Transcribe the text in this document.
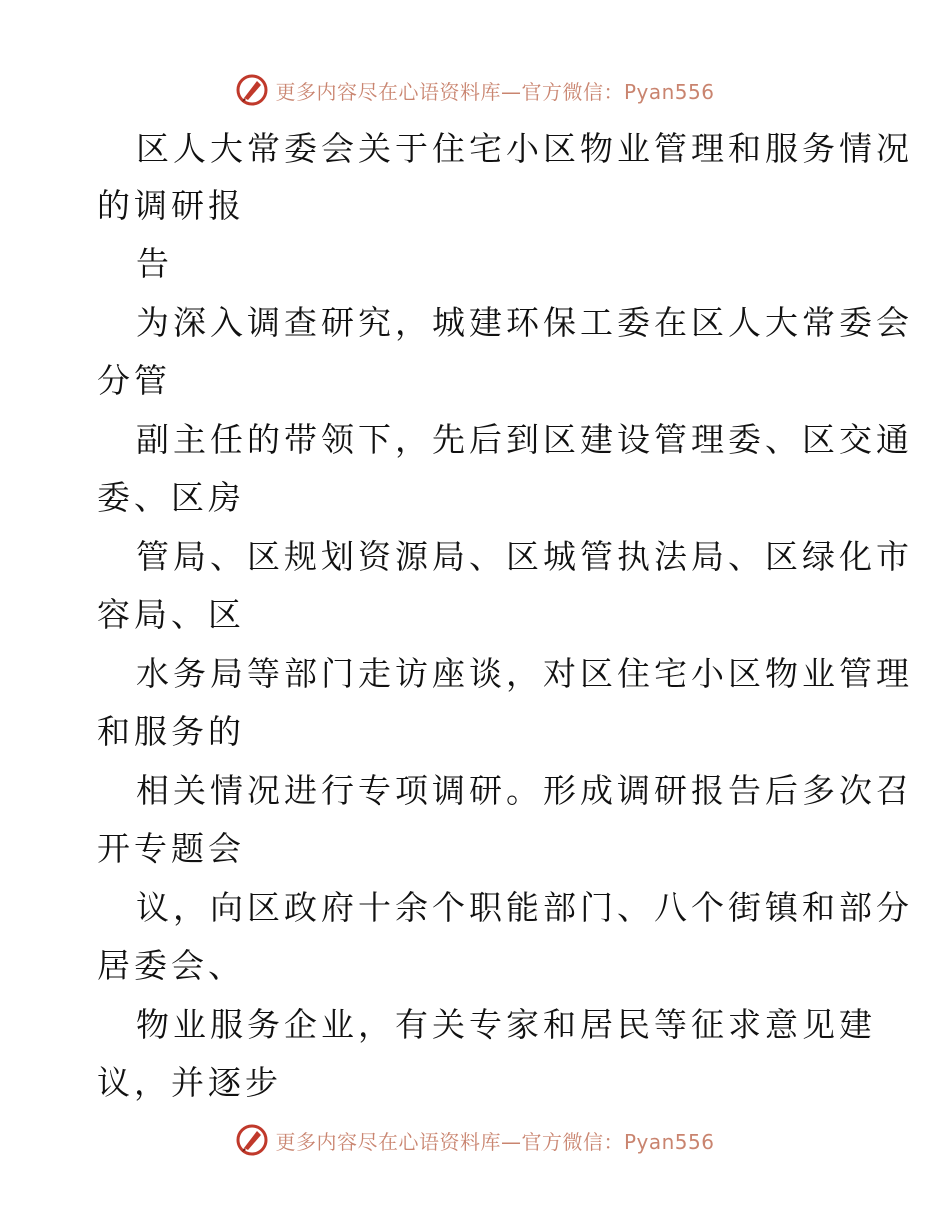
更多内容尽在心语资料库—官方微信：Pyan556
区人大常委会关于住宅小区物业管理和服务情况
的调研报
告
为深入调查研究，城建环保工委在区人大常委会
分管
副主任的带领下，先后到区建设管理委、区交通
委、区房
管局、区规划资源局、区城管执法局、区绿化市
容局、区
水务局等部门走访座谈，对区住宅小区物业管理
和服务的
相关情况进行专项调研。形成调研报告后多次召
开专题会
议，向区政府十余个职能部门、八个街镇和部分
居委会、
物业服务企业，有关专家和居民等征求意见建
议，并逐步
更多内容尽在心语资料库—官方微信：Pyan556
